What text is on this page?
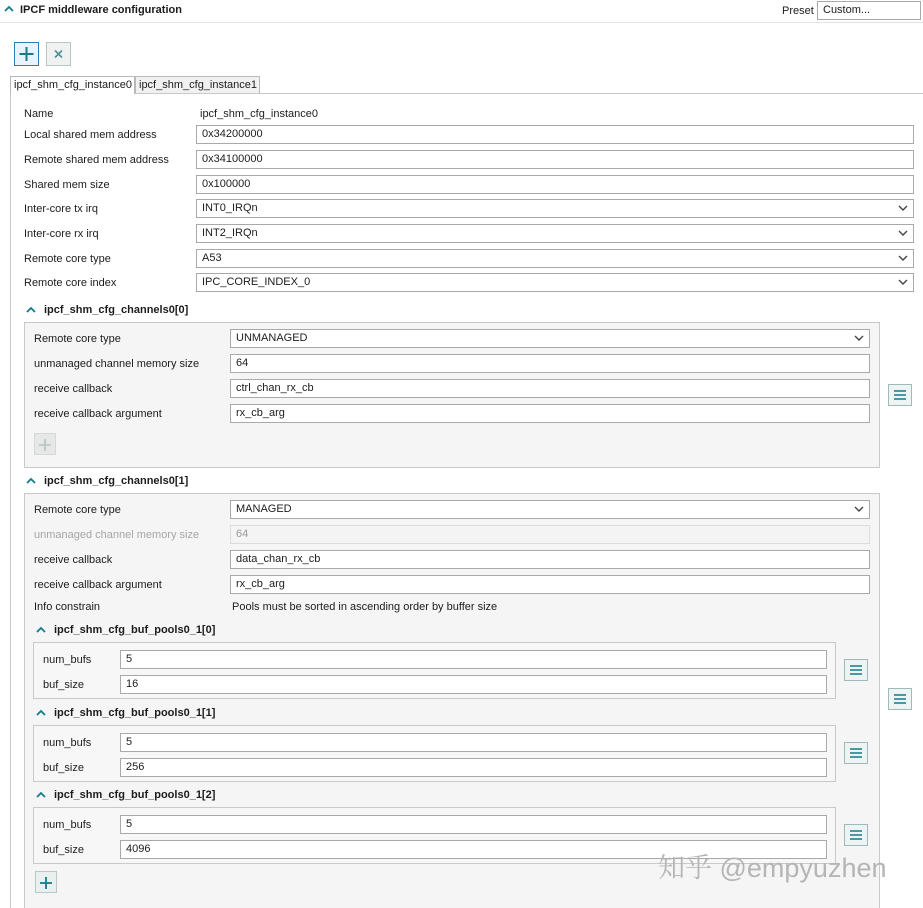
IPCF middleware configuration	Preset Custom...
ipcf_shm_cfg_instance0 ipcf_shm_cfg_instance1
Name	ipcf_shm_cfg_instance0
Local shared mem address	0x34200000
Remote shared mem address	0x34100000
Shared mem size	0x100000
Inter-core tx irq	INT0_IRQn
Inter-core rx irq	INT2_IRQn
Remote core type	A53
Remote core index	IPC_CORE_INDEX_0
ipcf_shm_cfg_channels0[0]
Remote core type	UNMANAGED
unmanaged channel memory size	64
receive callback	ctrl_chan_rx_cb
receive callback argument	rx_cb_arg
ipcf_shm_cfg_channels0[1]
Remote core type	MANAGED
unmanaged channel memory size	64
receive callback	data_chan_rx_cb
receive callback argument	rx_cb_arg
Info constrain	Pools must be sorted in ascending order by buffer size
ipcf_shm_cfg_buf_pools0_1[0]
num_bufs	5
buf_size	16
ipcf_shm_cfg_buf_pools0_1[1]
num_bufs	5
buf_size	256
ipcf_shm_cfg_buf_pools0_1[2]
num_bufs	5
buf_size	4096
知乎 @empyuzhen
